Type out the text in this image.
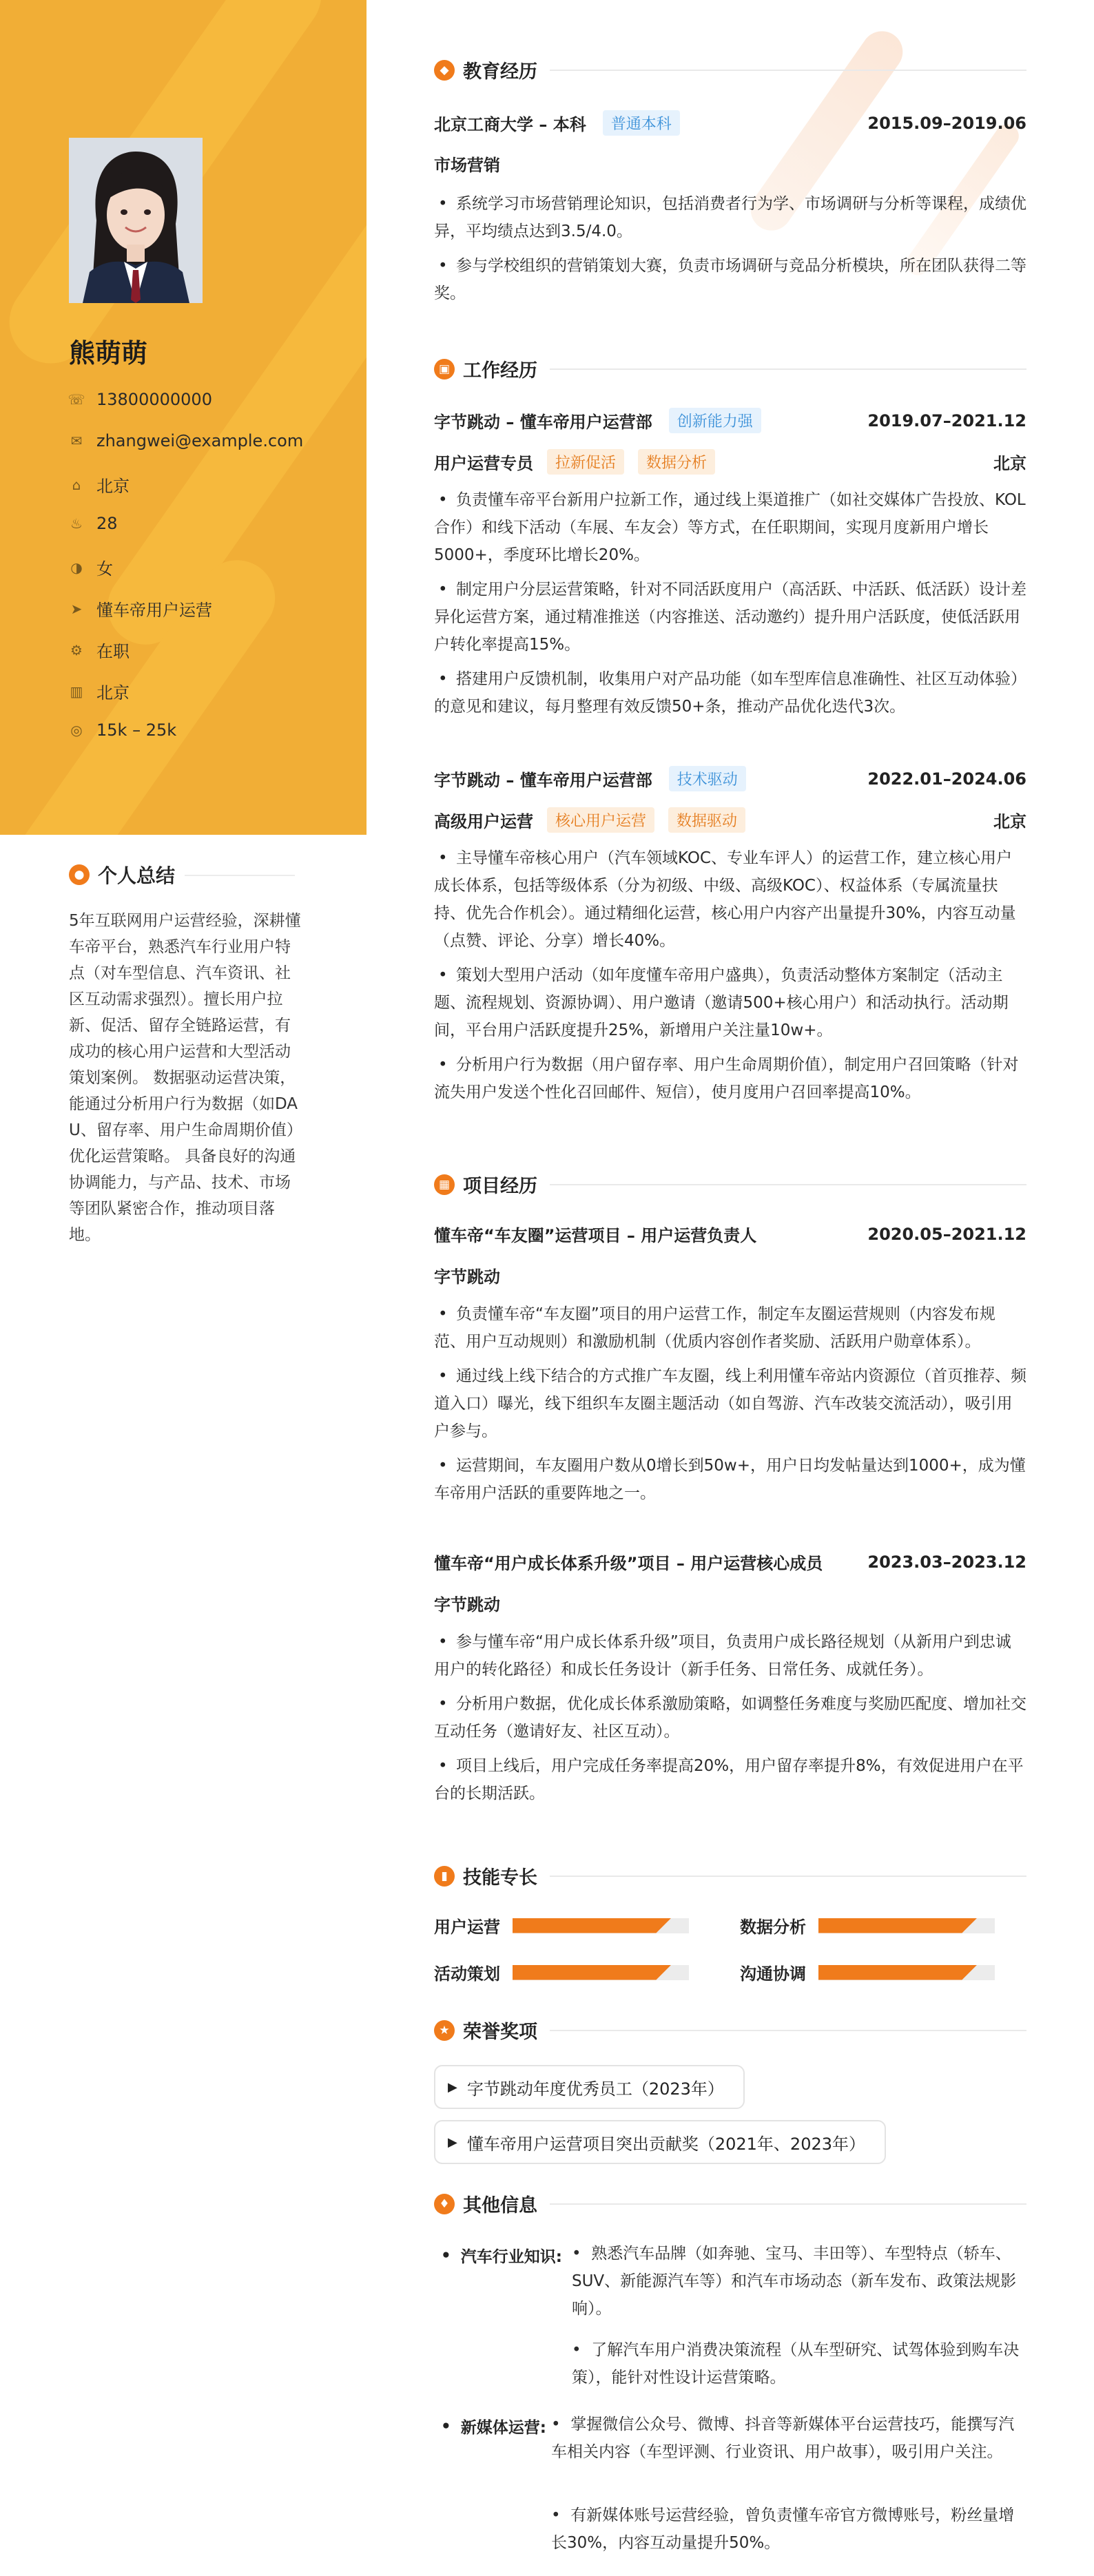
熊萌萌
☏ 13800000000
✉ zhangwei@example.com
⌂ 北京
♨ 28
◑ 女
➤ 懂车帝用户运营
⚙ 在职
▥ 北京
◎ 15k – 25k
● 个人总结
5年互联网用户运营经验，深耕懂车帝平台，熟悉汽车行业用户特点（对车型信息、汽车资讯、社区互动需求强烈）。擅长用户拉新、促活、留存全链路运营，有成功的核心用户运营和大型活动策划案例。 数据驱动运营决策，能通过分析用户行为数据（如DAU、留存率、用户生命周期价值）优化运营策略。 具备良好的沟通协调能力，与产品、技术、市场等团队紧密合作，推动项目落地。
◆ 教育经历
北京工商大学 – 本科	普通本科	2015.09–2019.06
市场营销
• 系统学习市场营销理论知识，包括消费者行为学、市场调研与分析等课程，成绩优异，平均绩点达到3.5/4.0。
• 参与学校组织的营销策划大赛，负责市场调研与竞品分析模块，所在团队获得二等奖。
▣ 工作经历
字节跳动 – 懂车帝用户运营部	创新能力强	2019.07–2021.12
用户运营专员	拉新促活	数据分析	北京
• 负责懂车帝平台新用户拉新工作，通过线上渠道推广（如社交媒体广告投放、KOL合作）和线下活动（车展、车友会）等方式，在任职期间，实现月度新用户增长5000+，季度环比增长20%。
• 制定用户分层运营策略，针对不同活跃度用户（高活跃、中活跃、低活跃）设计差异化运营方案，通过精准推送（内容推送、活动邀约）提升用户活跃度，使低活跃用户转化率提高15%。
• 搭建用户反馈机制，收集用户对产品功能（如车型库信息准确性、社区互动体验）的意见和建议，每月整理有效反馈50+条，推动产品优化迭代3次。
字节跳动 – 懂车帝用户运营部	技术驱动	2022.01–2024.06
高级用户运营	核心用户运营	数据驱动	北京
• 主导懂车帝核心用户（汽车领域KOC、专业车评人）的运营工作，建立核心用户成长体系，包括等级体系（分为初级、中级、高级KOC）、权益体系（专属流量扶持、优先合作机会）。通过精细化运营，核心用户内容产出量提升30%，内容互动量（点赞、评论、分享）增长40%。
• 策划大型用户活动（如年度懂车帝用户盛典），负责活动整体方案制定（活动主题、流程规划、资源协调）、用户邀请（邀请500+核心用户）和活动执行。活动期间，平台用户活跃度提升25%，新增用户关注量10w+。
• 分析用户行为数据（用户留存率、用户生命周期价值），制定用户召回策略（针对流失用户发送个性化召回邮件、短信），使月度用户召回率提高10%。
▦ 项目经历
懂车帝“车友圈”运营项目 – 用户运营负责人	2020.05–2021.12
字节跳动
• 负责懂车帝“车友圈”项目的用户运营工作，制定车友圈运营规则（内容发布规范、用户互动规则）和激励机制（优质内容创作者奖励、活跃用户勋章体系）。
• 通过线上线下结合的方式推广车友圈，线上利用懂车帝站内资源位（首页推荐、频道入口）曝光，线下组织车友圈主题活动（如自驾游、汽车改装交流活动），吸引用户参与。
• 运营期间，车友圈用户数从0增长到50w+，用户日均发帖量达到1000+，成为懂车帝用户活跃的重要阵地之一。
懂车帝“用户成长体系升级”项目 – 用户运营核心成员	2023.03–2023.12
字节跳动
• 参与懂车帝“用户成长体系升级”项目，负责用户成长路径规划（从新用户到忠诚用户的转化路径）和成长任务设计（新手任务、日常任务、成就任务）。
• 分析用户数据，优化成长体系激励策略，如调整任务难度与奖励匹配度、增加社交互动任务（邀请好友、社区互动）。
• 项目上线后，用户完成任务率提高20%，用户留存率提升8%，有效促进用户在平台的长期活跃。
▮ 技能专长
用户运营	数据分析
活动策划	沟通协调
★ 荣誉奖项
▶ 字节跳动年度优秀员工（2023年）
▶ 懂车帝用户运营项目突出贡献奖（2021年、2023年）
♦ 其他信息
• 汽车行业知识: •  熟悉汽车品牌（如奔驰、宝马、丰田等）、车型特点（轿车、SUV、新能源汽车等）和汽车市场动态（新车发布、政策法规影响）。
•  了解汽车用户消费决策流程（从车型研究、试驾体验到购车决策），能针对性设计运营策略。
• 新媒体运营: •  掌握微信公众号、微博、抖音等新媒体平台运营技巧，能撰写汽车相关内容（车型评测、行业资讯、用户故事），吸引用户关注。
•  有新媒体账号运营经验，曾负责懂车帝官方微博账号，粉丝量增长30%，内容互动量提升50%。
